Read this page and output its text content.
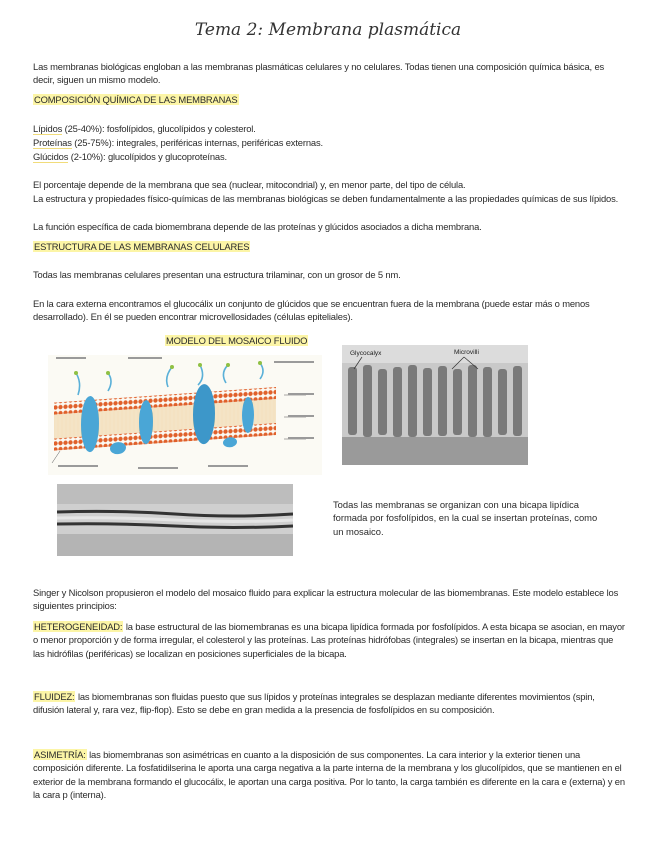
Tema 2: Membrana plasmática
Las membranas biológicas engloban a las membranas plasmáticas celulares y no celulares. Todas tienen una composición química básica, es decir, siguen un mismo modelo.
COMPOSICIÓN QUÍMICA DE LAS MEMBRANAS
Lípidos (25-40%): fosfolípidos, glucolípidos y colesterol.
Proteínas (25-75%): integrales, periféricas internas, periféricas externas.
Glúcidos (2-10%): glucolípidos y glucoproteínas.
El porcentaje depende de la membrana que sea (nuclear, mitocondrial) y, en menor parte, del tipo de célula.
La estructura y propiedades físico-químicas de las membranas biológicas se deben fundamentalmente a las propiedades químicas de sus lípidos.
La función específica de cada biomembrana depende de las proteínas y glúcidos asociados a dicha membrana.
ESTRUCTURA DE LAS MEMBRANAS CELULARES
Todas las membranas celulares presentan una estructura trilaminar, con un grosor de 5 nm.
En la cara externa encontramos el glucocálix un conjunto de glúcidos que se encuentran fuera de la membrana (puede estar más o menos desarrollado). En él se pueden encontrar microvellosidades (células epiteliales).
MODELO DEL MOSAICO FLUIDO
Glycocalyx	Microvilli
Todas las membranas se organizan con una bicapa lipídica formada por fosfolípidos, en la cual se insertan proteínas, como un mosaico.
Singer y Nicolson propusieron el modelo del mosaico fluido para explicar la estructura molecular de las biomembranas. Este modelo establece los siguientes principios:
HETEROGENEIDAD: la base estructural de las biomembranas es una bicapa lipídica formada por fosfolípidos. A esta bicapa se asocian, en mayor o menor proporción y de forma irregular, el colesterol y las proteínas. Las proteínas hidrófobas (integrales) se insertan en la bicapa, mientras que las hidrófilas (periféricas) se localizan en posiciones superficiales de la bicapa.
FLUIDEZ: las biomembranas son fluidas puesto que sus lípidos y proteínas integrales se desplazan mediante diferentes movimientos (spin, difusión lateral y, rara vez, flip-flop). Esto se debe en gran medida a la presencia de fosfolípidos en su composición.
ASIMETRÍA: las biomembranas son asimétricas en cuanto a la disposición de sus componentes. La cara interior y la exterior tienen una composición diferente. La fosfatidilserina le aporta una carga negativa a la parte interna de la membrana y los glucolípidos, que se mantienen en el exterior de la membrana formando el glucocálix, le aportan una carga positiva. Por lo tanto, la carga también es diferente en la cara e (externa) y en la cara p (interna).
